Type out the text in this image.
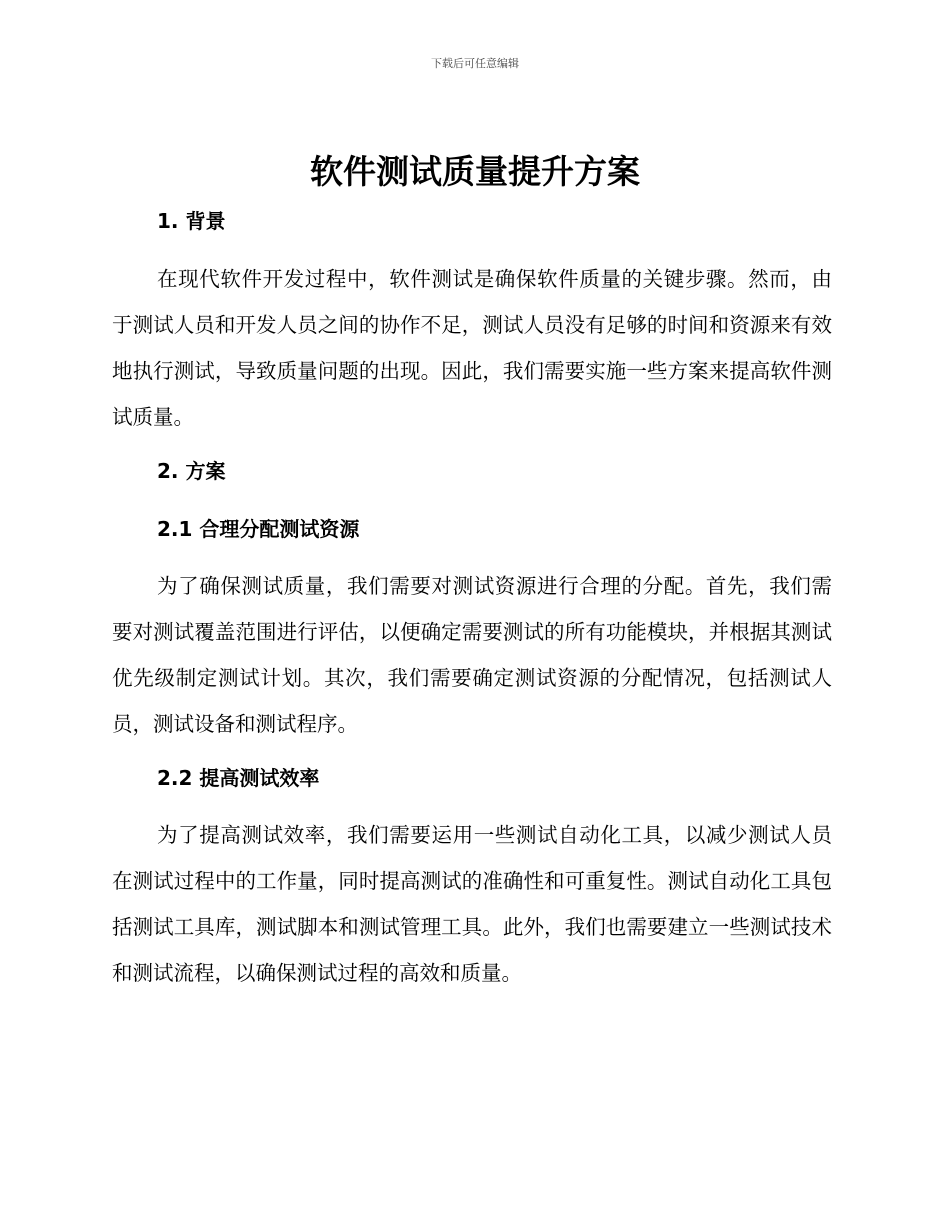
下载后可任意编辑
软件测试质量提升方案
1. 背景

在现代软件开发过程中，软件测试是确保软件质量的关键步骤。然而，由于测试人员和开发人员之间的协作不足，测试人员没有足够的时间和资源来有效地执行测试，导致质量问题的出现。因此，我们需要实施一些方案来提高软件测试质量。

2. 方案
2.1 合理分配测试资源

为了确保测试质量，我们需要对测试资源进行合理的分配。首先，我们需要对测试覆盖范围进行评估，以便确定需要测试的所有功能模块，并根据其测试优先级制定测试计划。其次，我们需要确定测试资源的分配情况，包括测试人员，测试设备和测试程序。

2.2 提高测试效率

为了提高测试效率，我们需要运用一些测试自动化工具，以减少测试人员在测试过程中的工作量，同时提高测试的准确性和可重复性。测试自动化工具包括测试工具库，测试脚本和测试管理工具。此外，我们也需要建立一些测试技术和测试流程，以确保测试过程的高效和质量。
